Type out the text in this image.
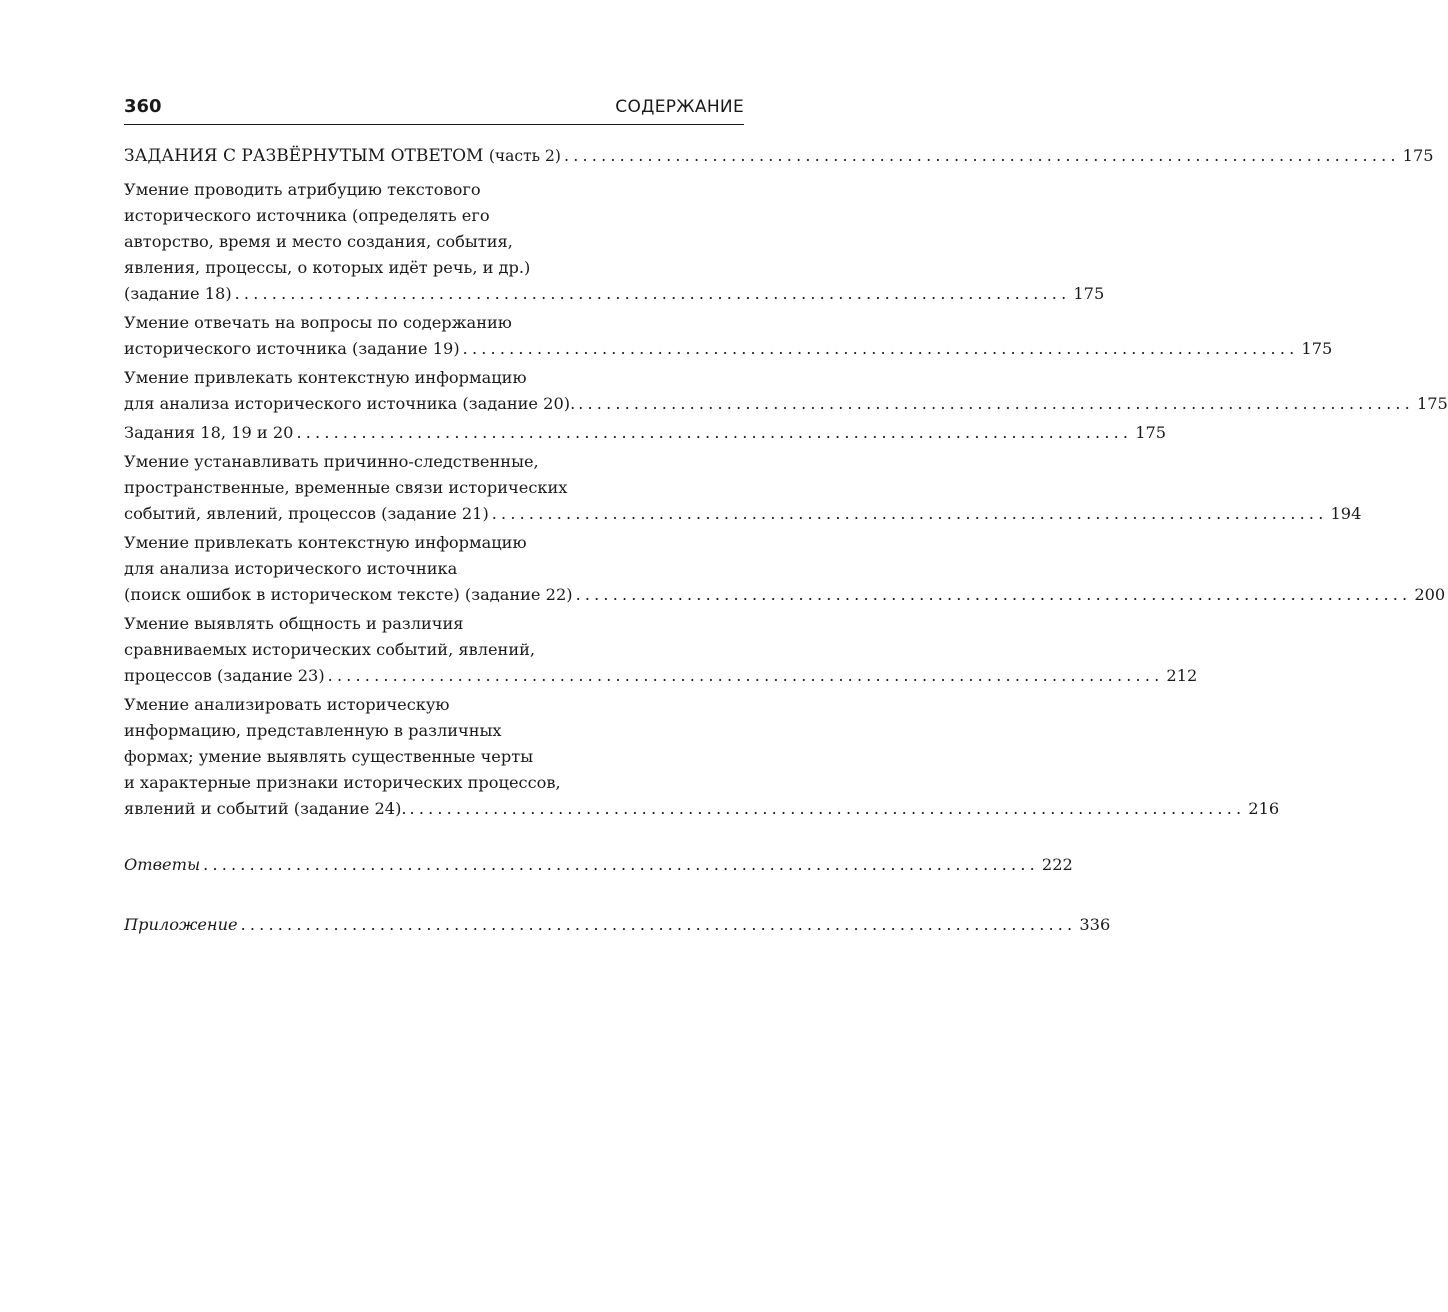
360	СОДЕРЖАНИЕ
ЗАДАНИЯ С РАЗВЁРНУТЫМ ОТВЕТОМ (часть 2) .......................................................................................... 175
Умение проводить атрибуцию текстового
исторического источника (определять его
авторство, время и место создания, события,
явления, процессы, о которых идёт речь, и др.)
(задание 18) .......................................................................................... 175
Умение отвечать на вопросы по содержанию
исторического источника (задание 19) .......................................................................................... 175
Умение привлекать контекстную информацию
для анализа исторического источника (задание 20). .......................................................................................... 175
Задания 18, 19 и 20 .......................................................................................... 175
Умение устанавливать причинно-следственные,
пространственные, временные связи исторических
событий, явлений, процессов (задание 21) .......................................................................................... 194
Умение привлекать контекстную информацию
для анализа исторического источника
(поиск ошибок в историческом тексте) (задание 22) .......................................................................................... 200
Умение выявлять общность и различия
сравниваемых исторических событий, явлений,
процессов (задание 23) .......................................................................................... 212
Умение анализировать историческую
информацию, представленную в различных
формах; умение выявлять существенные черты
и характерные признаки исторических процессов,
явлений и событий (задание 24). .......................................................................................... 216
Ответы .......................................................................................... 222
Приложение .......................................................................................... 336
